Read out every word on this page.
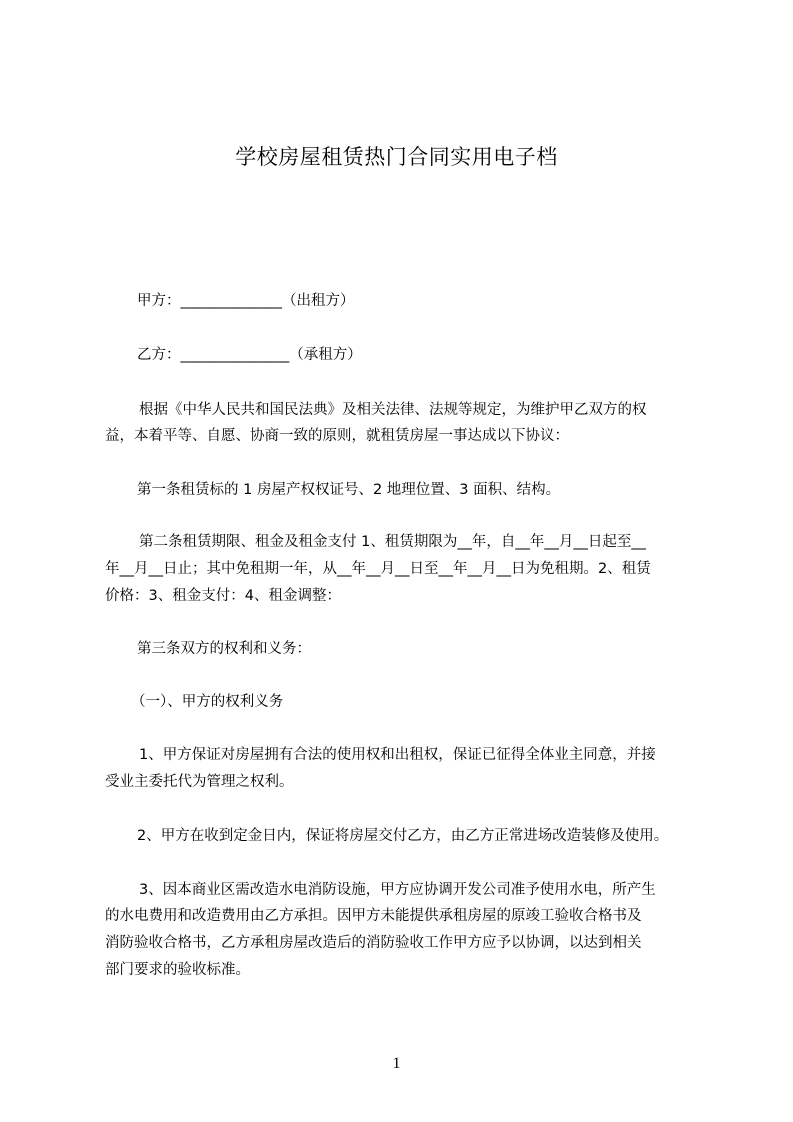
学校房屋租赁热门合同实用电子档
甲方：______________（出租方）
乙方：_______________（承租方）
根据《中华人民共和国民法典》及相关法律、法规等规定，为维护甲乙双方的权
益，本着平等、自愿、协商一致的原则，就租赁房屋一事达成以下协议：
第一条租赁标的 1 房屋产权权证号、2 地理位置、3 面积、结构。
第二条租赁期限、租金及租金支付 1、租赁期限为__年，自__年__月__日起至__
年__月__日止；其中免租期一年，从__年__月__日至__年__月__日为免租期。2、租赁
价格：3、租金支付：4、租金调整：
第三条双方的权利和义务：
（一）、甲方的权利义务
1、甲方保证对房屋拥有合法的使用权和出租权，保证已征得全体业主同意，并接
受业主委托代为管理之权利。
2、甲方在收到定金日内，保证将房屋交付乙方，由乙方正常进场改造装修及使用。
3、因本商业区需改造水电消防设施，甲方应协调开发公司准予使用水电，所产生
的水电费用和改造费用由乙方承担。因甲方未能提供承租房屋的原竣工验收合格书及
消防验收合格书，乙方承租房屋改造后的消防验收工作甲方应予以协调，以达到相关
部门要求的验收标准。
1
